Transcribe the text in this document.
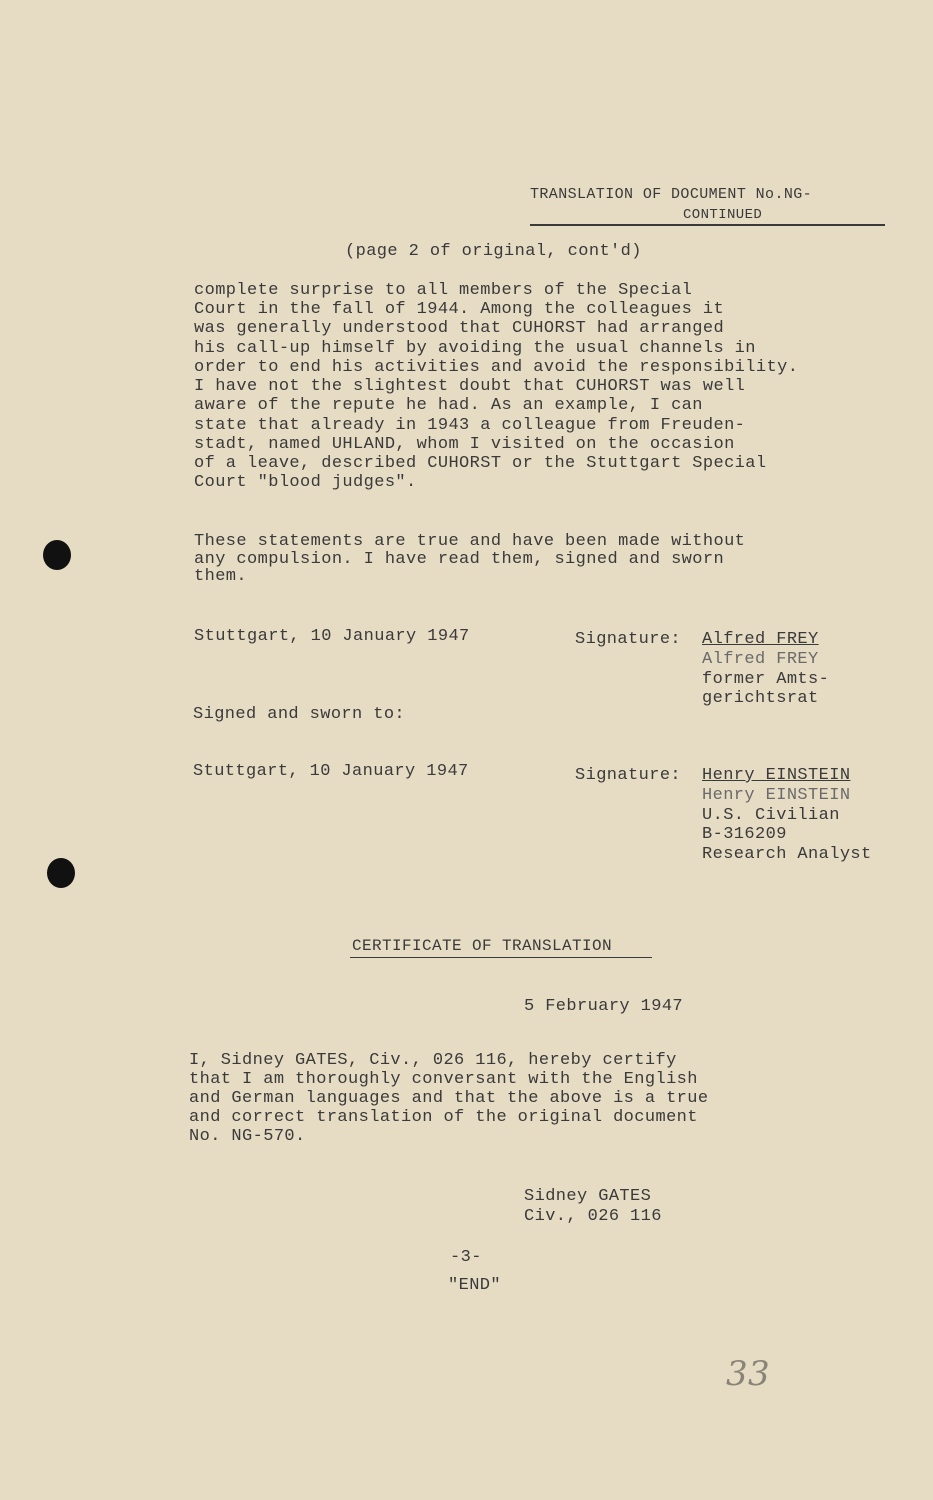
TRANSLATION OF DOCUMENT No.NG-
CONTINUED
(page 2 of original, cont'd)
complete surprise to all members of the Special
Court in the fall of 1944. Among the colleagues it
was generally understood that CUHORST had arranged
his call-up himself by avoiding the usual channels in
order to end his activities and avoid the responsibility.
I have not the slightest doubt that CUHORST was well
aware of the repute he had. As an example, I can
state that already in 1943 a colleague from Freuden-
stadt, named UHLAND, whom I visited on the occasion
of a leave, described CUHORST or the Stuttgart Special
Court "blood judges".
These statements are true and have been made without
any compulsion. I have read them, signed and sworn
them.
Stuttgart, 10 January 1947	Signature: Alfred FREY
Alfred FREY
former Amts-
gerichtsrat
Signed and sworn to:
Stuttgart, 10 January 1947	Signature: Henry EINSTEIN
Henry EINSTEIN
U.S. Civilian
B-316209
Research Analyst
CERTIFICATE OF TRANSLATION
5 February 1947
I, Sidney GATES, Civ., 026 116, hereby certify
that I am thoroughly conversant with the English
and German languages and that the above is a true
and correct translation of the original document
No. NG-570.
Sidney GATES
Civ., 026 116
-3-
"END"
33
